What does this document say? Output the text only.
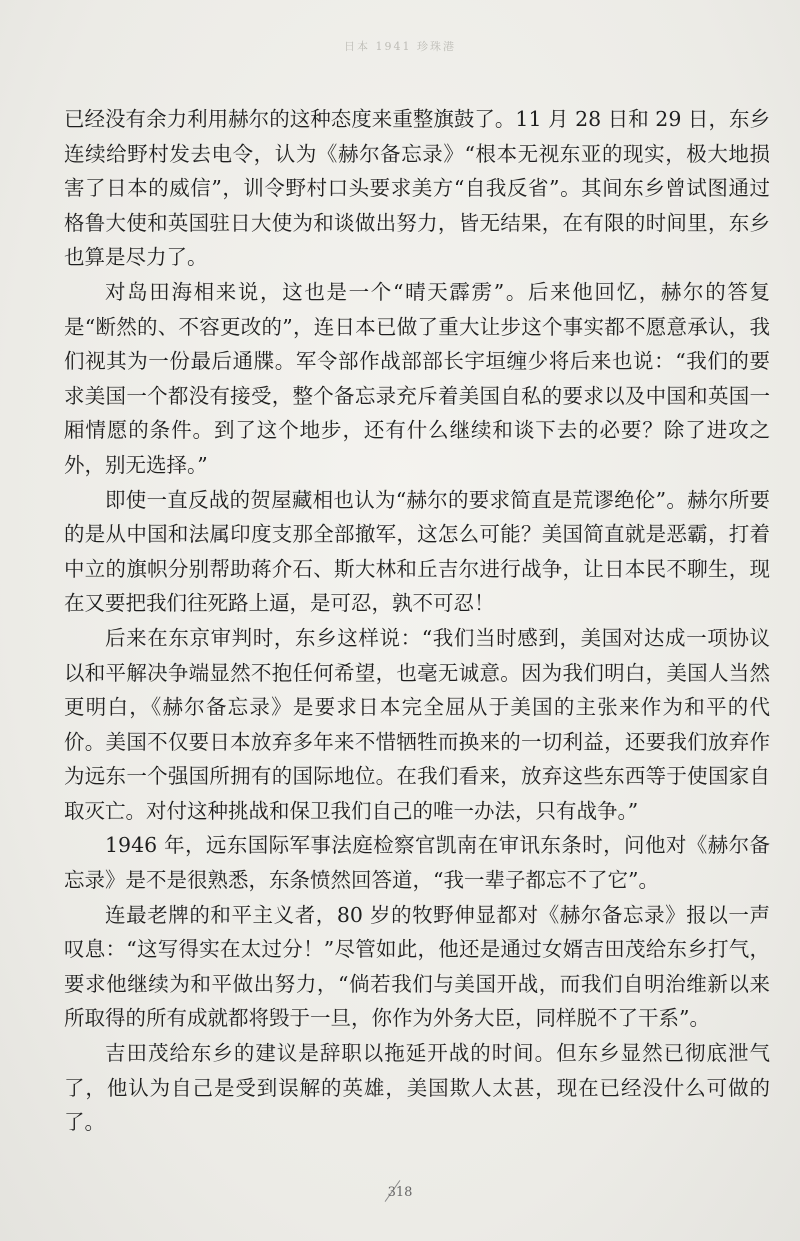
日本 1941 珍珠港

已经没有余力利用赫尔的这种态度来重整旗鼓了。11 月 28 日和 29 日，东乡连续给野村发去电令，认为《赫尔备忘录》“根本无视东亚的现实，极大地损害了日本的威信”，训令野村口头要求美方“自我反省”。其间东乡曾试图通过格鲁大使和英国驻日大使为和谈做出努力，皆无结果，在有限的时间里，东乡也算是尽力了。

对岛田海相来说，这也是一个“晴天霹雳”。后来他回忆，赫尔的答复是“断然的、不容更改的”，连日本已做了重大让步这个事实都不愿意承认，我们视其为一份最后通牒。军令部作战部部长宇垣缠少将后来也说：“我们的要求美国一个都没有接受，整个备忘录充斥着美国自私的要求以及中国和英国一厢情愿的条件。到了这个地步，还有什么继续和谈下去的必要？除了进攻之外，别无选择。”

即使一直反战的贺屋藏相也认为“赫尔的要求简直是荒谬绝伦”。赫尔所要的是从中国和法属印度支那全部撤军，这怎么可能？美国简直就是恶霸，打着中立的旗帜分别帮助蒋介石、斯大林和丘吉尔进行战争，让日本民不聊生，现在又要把我们往死路上逼，是可忍，孰不可忍！

后来在东京审判时，东乡这样说：“我们当时感到，美国对达成一项协议以和平解决争端显然不抱任何希望，也毫无诚意。因为我们明白，美国人当然更明白，《赫尔备忘录》是要求日本完全屈从于美国的主张来作为和平的代价。美国不仅要日本放弃多年来不惜牺牲而换来的一切利益，还要我们放弃作为远东一个强国所拥有的国际地位。在我们看来，放弃这些东西等于使国家自取灭亡。对付这种挑战和保卫我们自己的唯一办法，只有战争。”

1946 年，远东国际军事法庭检察官凯南在审讯东条时，问他对《赫尔备忘录》是不是很熟悉，东条愤然回答道，“我一辈子都忘不了它”。

连最老牌的和平主义者，80 岁的牧野伸显都对《赫尔备忘录》报以一声叹息：“这写得实在太过分！”尽管如此，他还是通过女婿吉田茂给东乡打气，要求他继续为和平做出努力，“倘若我们与美国开战，而我们自明治维新以来所取得的所有成就都将毁于一旦，你作为外务大臣，同样脱不了干系”。

吉田茂给东乡的建议是辞职以拖延开战的时间。但东乡显然已彻底泄气了，他认为自己是受到误解的英雄，美国欺人太甚，现在已经没什么可做的了。

318
